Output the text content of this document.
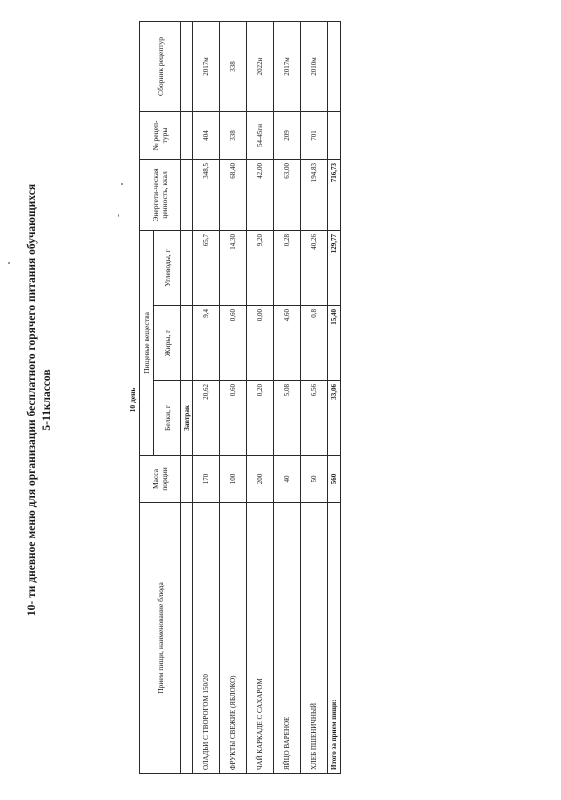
10- ти дневное меню для организации бесплатного горячего питания обучающихся 5-11классов	10 день
Прием пищи, наименование блюда	Масса порции	Пищевые вещества			Энергети-ческая ценность, ккал	№ рецеп-туры	Сборник рецептур
		Белки, г	Жиры, г	Углеводы, г			
		Завтрак					
ОЛАДЬИ С ТВОРОГОМ 150/20	170	20,62	9,4	65,7	348,5	404	2017м
ФРУКТЫ СВЕЖИЕ (ЯБЛОКО)	100	0,60	0,60	14,30	68,40	338	338
ЧАЙ КАРКАДЕ С САХАРОМ	200	0,20	0,00	9,20	42,00	54-45гн	2022н
ЯЙЦО ВАРЕНОЕ	40	5,08	4,60	0,28	63,00	209	2017м
ХЛЕБ ПШЕНИЧНЫЙ	50	6,56	0,8	40,26	194,83	701	2010м
Итого за прием пищи:	560	33,06	15,40	129,77	716,73		
